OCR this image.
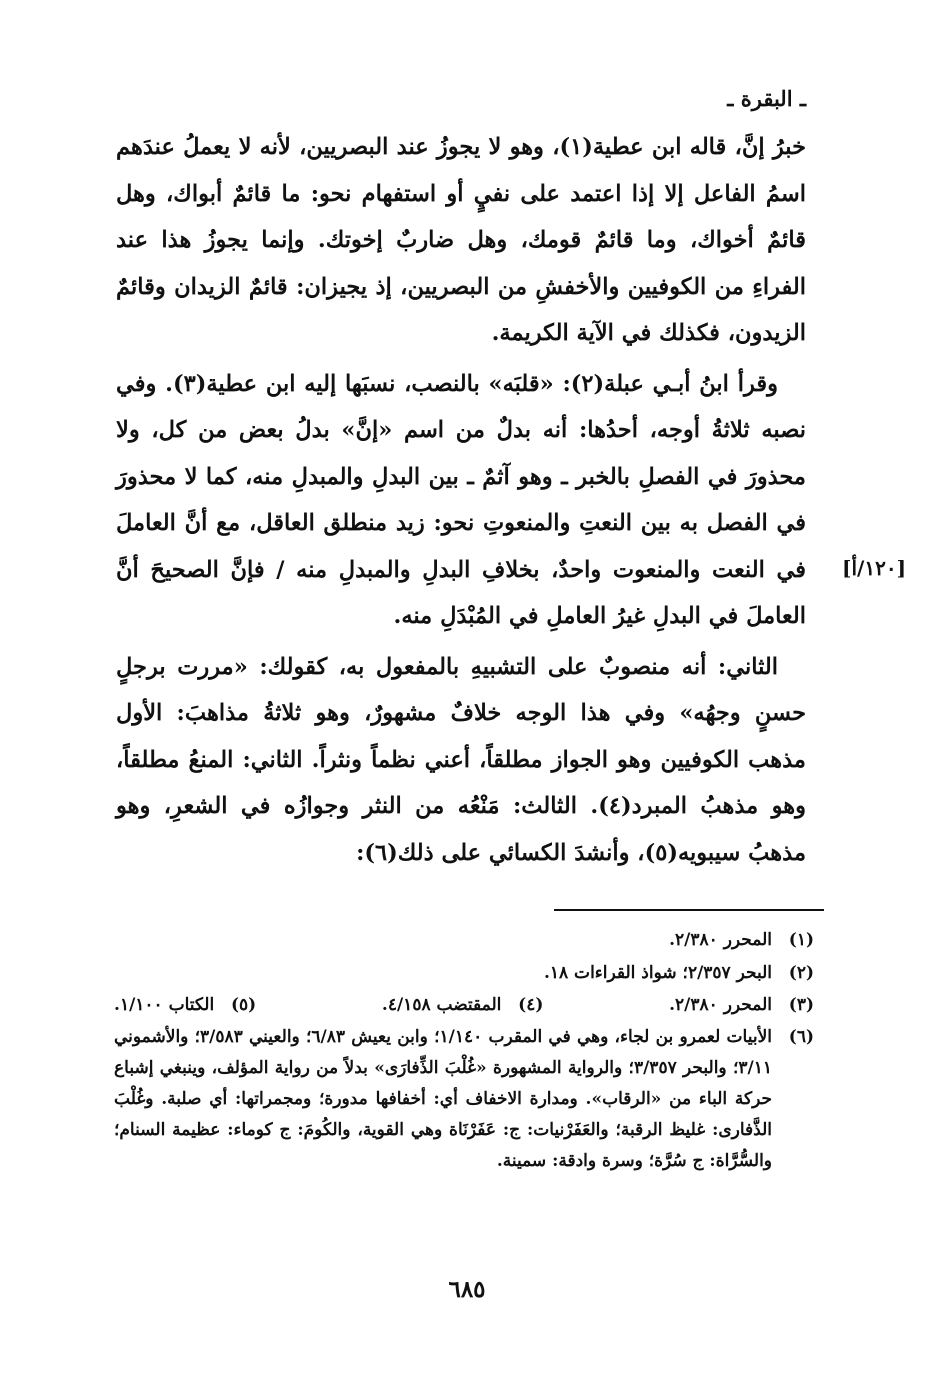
ـ البقرة ـ
[١٢٠/أ]

خبرُ إنَّ، قاله ابن عطية(١)، وهو لا يجوزُ عند البصريين، لأنه لا يعملُ عندَهم اسمُ الفاعل إلا إذا اعتمد على نفيٍ أو استفهام نحو: ما قائمٌ أبواك، وهل قائمٌ أخواك، وما قائمٌ قومك، وهل ضاربٌ إخوتك. وإنما يجوزُ هذا عند الفراءِ من الكوفيين والأخفشِ من البصريين، إذ يجيزان: قائمٌ الزيدان وقائمٌ الزيدون، فكذلك في الآية الكريمة.

وقرأ ابنُ أبـي عبلة(٢): «قلبَه» بالنصب، نسبَها إليه ابن عطية(٣). وفي نصبه ثلاثةُ أوجه، أحدُها: أنه بدلٌ من اسم «إنَّ» بدلُ بعض من كل، ولا محذورَ في الفصلِ بالخبر ـ وهو آثمٌ ـ بين البدلِ والمبدلِ منه، كما لا محذورَ في الفصل به بين النعتِ والمنعوتِ نحو: زيد منطلق العاقل، مع أنَّ العاملَ في النعت والمنعوت واحدٌ، بخلافِ البدلِ والمبدلِ منه / فإنَّ الصحيحَ أنَّ العاملَ في البدلِ غيرُ العاملِ في المُبْدَلِ منه.

الثاني: أنه منصوبٌ على التشبيهِ بالمفعول به، كقولك: «مررت برجلٍ حسنٍ وجهُه» وفي هذا الوجه خلافٌ مشهورٌ، وهو ثلاثةُ مذاهبَ: الأول مذهب الكوفيين وهو الجواز مطلقاً، أعني نظماً ونثراً. الثاني: المنعُ مطلقاً، وهو مذهبُ المبرد(٤). الثالث: مَنْعُه من النثر وجوازُه في الشعرِ، وهو مذهبُ سيبويه(٥)، وأنشدَ الكسائي على ذلك(٦):

(١)
المحرر ٢/٣٨٠.
(٢)
البحر ٢/٣٥٧؛ شواذ القراءات ١٨.
(٣)
المحرر ٢/٣٨٠.
(٤)
المقتضب ٤/١٥٨.
(٥)
الكتاب ١/١٠٠.
(٦)
الأبيات لعمرو بن لجاء، وهي في المقرب ١/١٤٠؛ وابن يعيش ٦/٨٣؛ والعيني ٣/٥٨٣؛ والأشموني ٣/١١؛ والبحر ٣/٣٥٧؛ والرواية المشهورة «غُلْبَ الذِّفارَى» بدلاً من رواية المؤلف، وينبغي إشباع حركة الباء من «الرقاب». ومدارة الاخفاف أي: أخفافها مدورة؛ ومجمراتها: أي صلبة. وغُلْبَ الذَّفارى: غليظ الرقبة؛ والعَفَرْنيات: ج: عَفَرْنَاة وهي القوية، والكُومَ: ج كوماء: عظيمة السنام؛ والسُّرَّاة: ج سُرَّة؛ وسرة وادقة: سمينة.
٦٨٥
